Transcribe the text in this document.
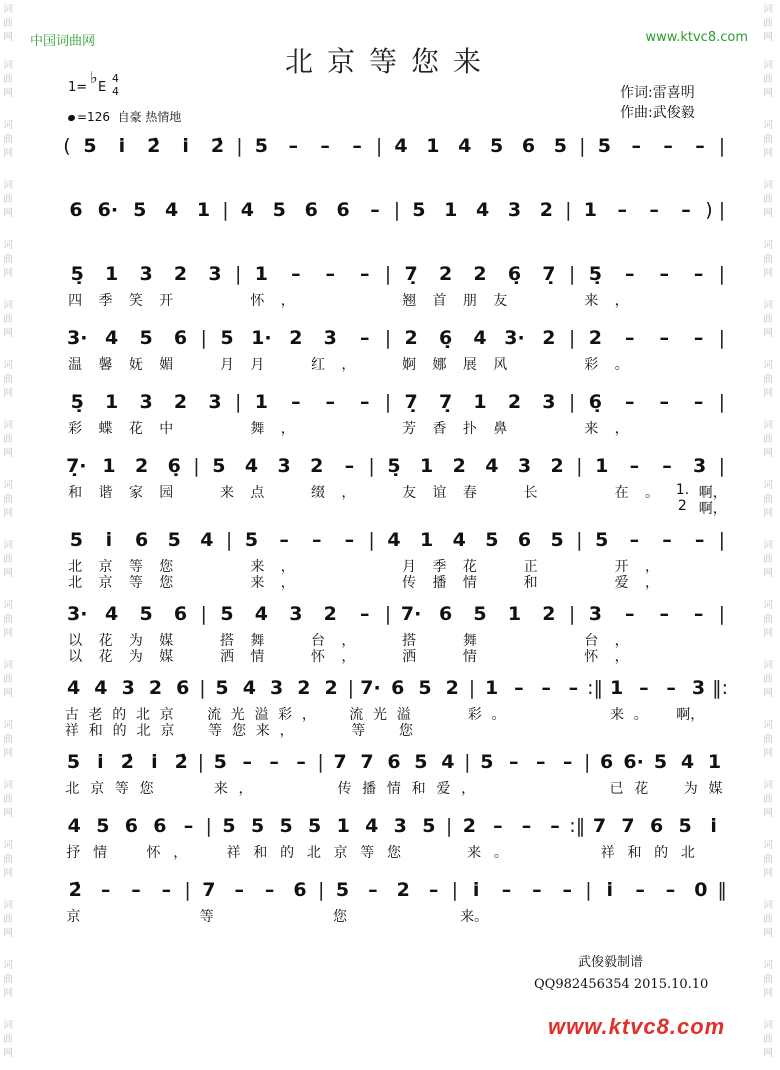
词
曲
网
词
曲
网
词
曲
网
词
曲
网
词
曲
网
词
曲
网
词
曲
网
词
曲
网
词
曲
网
词
曲
网
词
曲
网
词
曲
网
词
曲
网
词
曲
网
词
曲
网
词
曲
网
词
曲
网
词
曲
网
词
曲
网
词
曲
网
词
曲
网
词
曲
网
词
曲
网
词
曲
网
词
曲
网
词
曲
网
词
曲
网
词
曲
网
词
曲
网
词
曲
网
词
曲
网
词
曲
网
词
曲
网
词
曲
网
词
曲
网
词
曲
网
中国词曲网	www.ktvc8.com
北京等您来
1=
♭
E
4
4
=126 自豪 热情地
作词:雷喜明
作曲:武俊毅
( 5	i	2̇	i	2̇ | 5	–	–	– | 4 1 4 5 6 5 | 5	–	–	– |
6 6· 5 4 1 | 4 5 6 6	– | 5 1 4 3 2 | 1	–	–	– ) |
5̣	1	3	2	3 | 1	–	–	– | 7̣	2	2	6̣	7̣ | 5̣	–	–	– |
四	季	笑	开	怀	，	翘	首	朋	友	来	，
3· 4	5	6 | 5 1· 2	3	– | 2	6̣	4 3· 2 | 2	–	–	– |
温	馨	妩	媚	月	月	红	，	婀	娜	展	风	彩	。
5̣	1	3	2	3 | 1	–	–	– | 7̣	7̣	1	2	3 | 6̣	–	–	– |
彩	蝶	花	中	舞	，	芳	香	扑	鼻	来	，
7̣· 1	2	6̣ | 5	4	3	2	– | 5̣	1	2	4	3	2 | 1	–	–	3 |
和	谐	家	园	来	点	缀	，	友	谊	春	长	在	。	1. 啊，
2 啊，
5	i	6	5	4 | 5	–	–	– | 4	1	4	5	6	5 | 5	–	–	– |
北	京	等	您	来	，	月	季	花	正	开	，
北	京	等	您	来	，	传	播	情	和	爱	，
3· 4	5	6 | 5	4	3	2	– | 7· 6	5	1	2 | 3	–	–	– |
以	花	为	媒	搭	舞	台	，	搭	舞	台	，
以	花	为	媒	洒	情	怀	，	洒	情	怀	，
4 4 3 2 6 | 5 4 3 2 2 | 7· 6 5 2 | 1 – – – :‖ 1 – – 3 ‖:
古 老 的 北 京	流 光 溢 彩 ，	流 光 溢	彩 。	来 。	啊，
祥 和 的 北 京	等 您 来 ，	等	您
5 i 2̇ i 2̇ | 5 – – – | 7 7 6 5 4 | 5 – – – | 6 6· 5 4 1
北 京 等 您	来 ，	传 播 情 和 爱 ，	已 花	为 媒
4 5 6 6 – | 5 5 5 5 1 4 3 5 | 2 –	–	– :‖ 7 7 6 5 i
抒 情	怀 ，	祥 和 的 北 京 等 您	来 。	祥 和 的 北
2̇	–	–	– | 7	–	–	6 | 5	–	2	– | i	–	–	– | i	–	–	0 ‖
京	等	您	来。
武俊毅制谱
QQ982456354 2015.10.10
www.ktvc8.com
